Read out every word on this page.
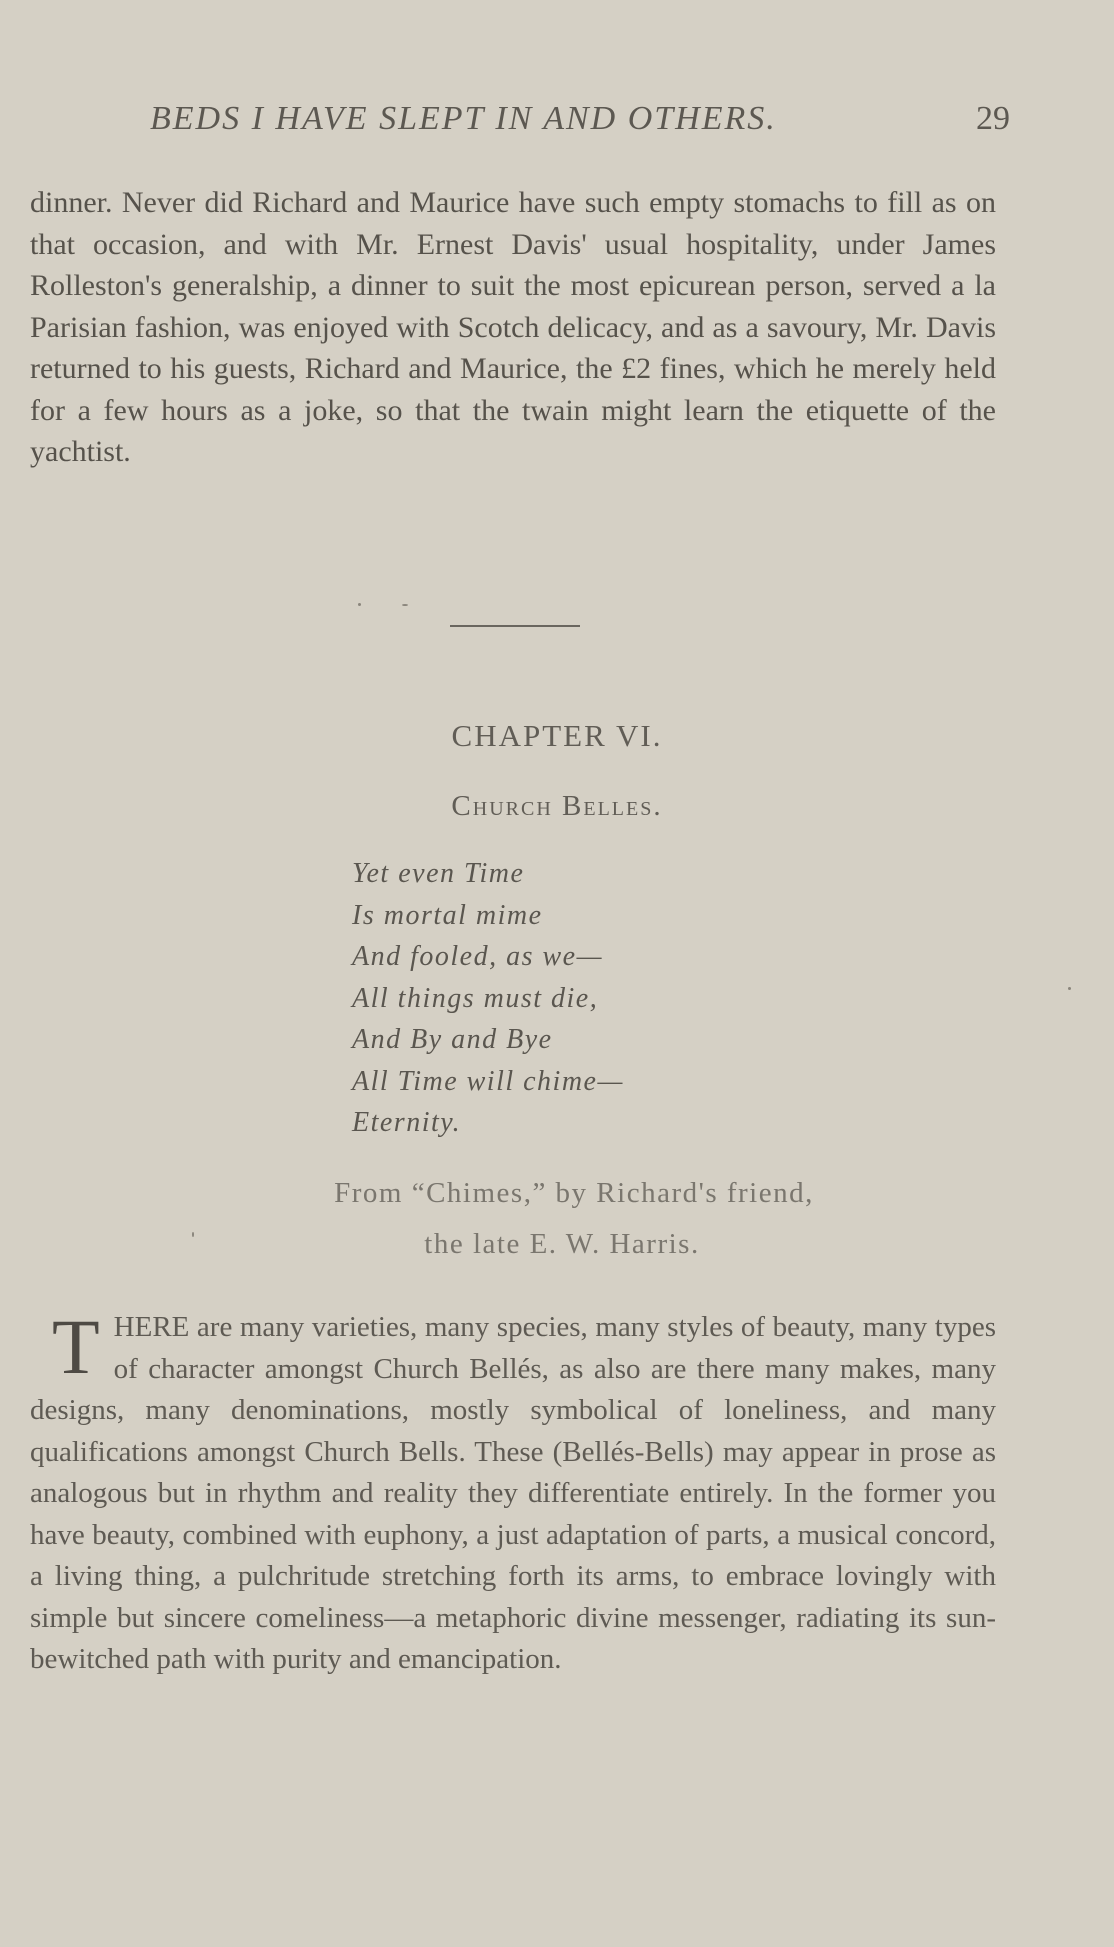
BEDS I HAVE SLEPT IN AND OTHERS.	29

dinner. Never did Richard and Maurice have such empty stomachs to fill as on that occasion, and with Mr. Ernest Davis' usual hospitality, under James Rolleston's generalship, a dinner to suit the most epicurean person, served a la Parisian fashion, was enjoyed with Scotch delicacy, and as a savoury, Mr. Davis returned to his guests, Richard and Maurice, the £2 fines, which he merely held for a few hours as a joke, so that the twain might learn the etiquette of the yachtist.

CHAPTER VI.
Church Belles.
Yet even Time
Is mortal mime
And fooled, as we—
All things must die,
And By and Bye
All Time will chime—
Eternity.
From “Chimes,” by Richard's friend,
the late E. W. Harris.

THERE are many varieties, many species, many styles of beauty, many types of character amongst Church Bellés, as also are there many makes, many designs, many denominations, mostly symbolical of loneliness, and many qualifications amongst Church Bells. These (Bellés-Bells) may appear in prose as analogous but in rhythm and reality they differentiate entirely. In the former you have beauty, combined with euphony, a just adaptation of parts, a musical concord, a living thing, a pulchritude stretching forth its arms, to embrace lovingly with simple but sincere comeliness—a metaphoric divine messenger, radiating its sun-bewitched path with purity and emancipation.
